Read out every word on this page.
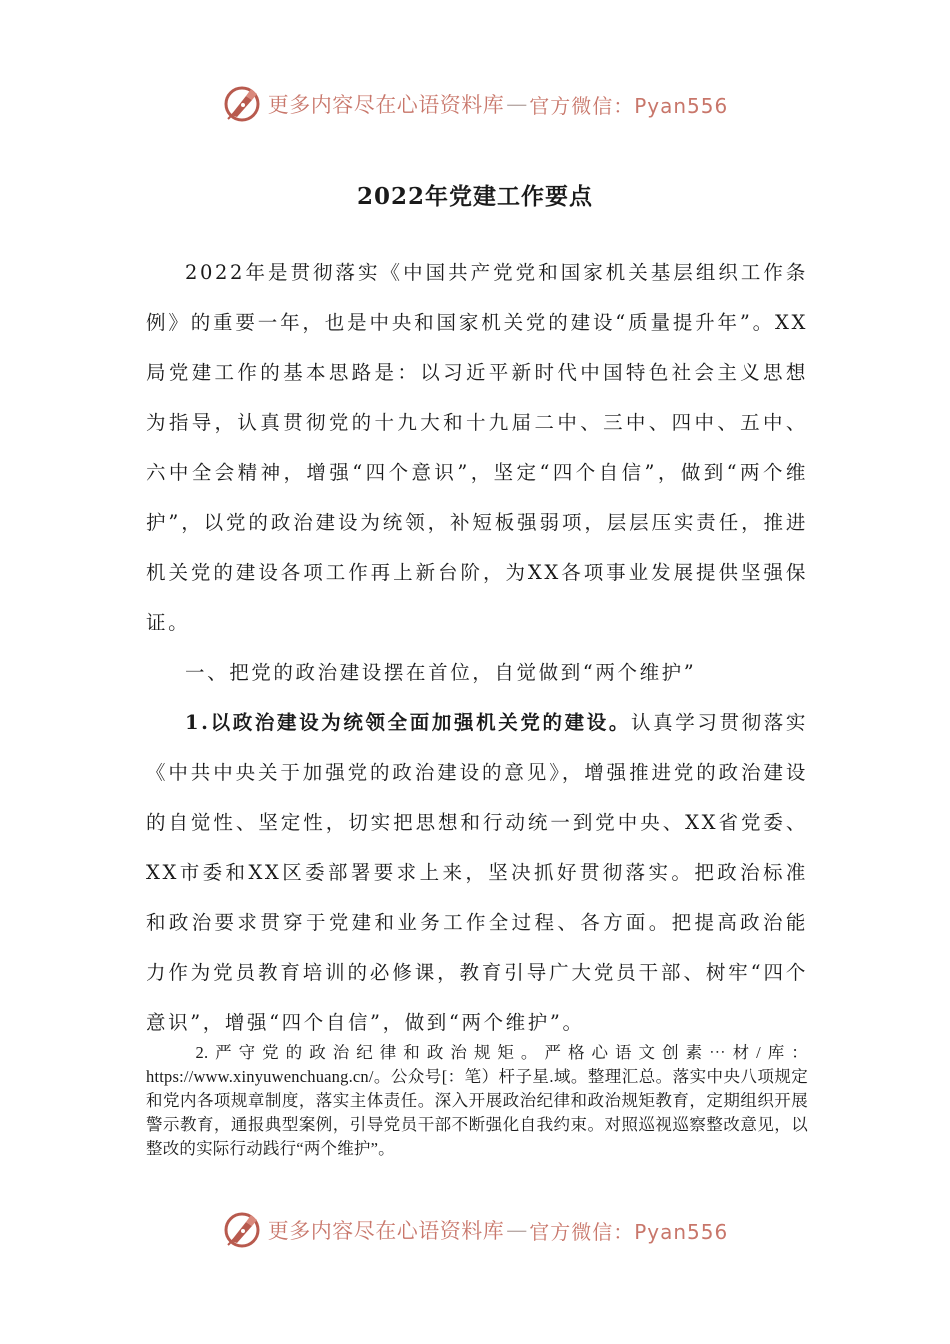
更多内容尽在心语资料库 — 官方微信：Pyan556
2022年党建工作要点

2022年是贯彻落实《中国共产党党和国家机关基层组织工作条例》的重要一年，也是中央和国家机关党的建设“质量提升年”。XX局党建工作的基本思路是：以习近平新时代中国特色社会主义思想为指导，认真贯彻党的十九大和十九届二中、三中、四中、五中、六中全会精神，增强“四个意识”，坚定“四个自信”，做到“两个维护”，以党的政治建设为统领，补短板强弱项，层层压实责任，推进机关党的建设各项工作再上新台阶，为XX各项事业发展提供坚强保证。

一、把党的政治建设摆在首位，自觉做到“两个维护”

1.以政治建设为统领全面加强机关党的建设。认真学习贯彻落实《中共中央关于加强党的政治建设的意见》，增强推进党的政治建设的自觉性、坚定性，切实把思想和行动统一到党中央、XX省党委、XX市委和XX区委部署要求上来，坚决抓好贯彻落实。把政治标准和政治要求贯穿于党建和业务工作全过程、各方面。把提高政治能力作为党员教育培训的必修课，教育引导广大党员干部、树牢“四个意识”，增强“四个自信”，做到“两个维护”。

2.严守党的政治纪律和政治规矩。严格心语文创素⋯材/库：https://www.xinyuwenchuang.cn/。公众号[：笔）杆子星.域。整理汇总。落实中央八项规定和党内各项规章制度，落实主体责任。深入开展政治纪律和政治规矩教育，定期组织开展警示教育，通报典型案例，引导党员干部不断强化自我约束。对照巡视巡察整改意见，以整改的实际行动践行“两个维护”。

更多内容尽在心语资料库 — 官方微信：Pyan556
